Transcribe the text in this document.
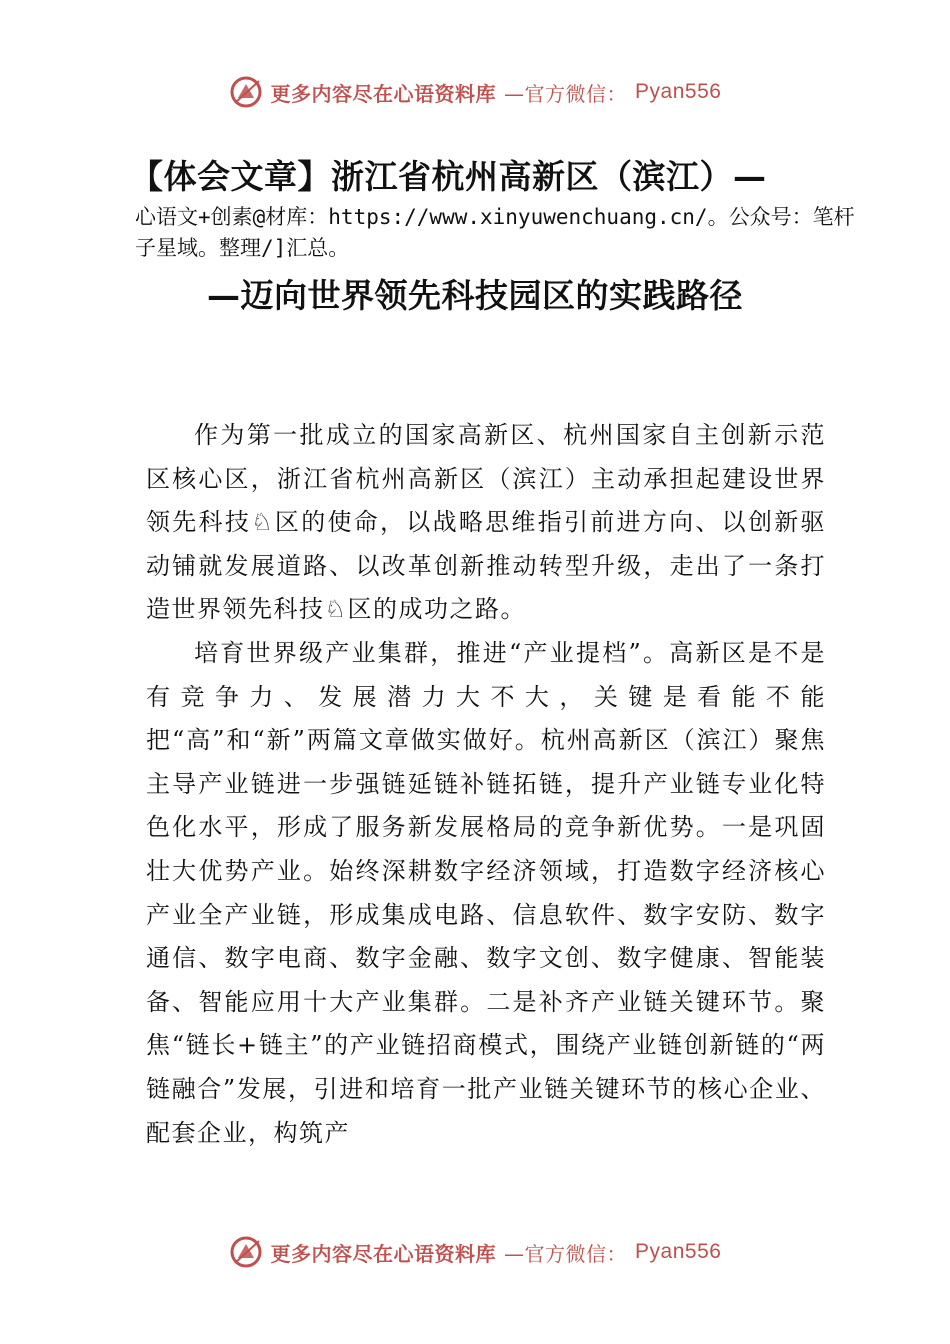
更多内容尽在心语资料库 —官方微信： Pyan556
【体会文章】浙江省杭州高新区（滨江）—
心语文+创素@材库：https://www.xinyuwenchuang.cn/。公众号：笔杆子星域。整理/]汇总。
—迈向世界领先科技园区的实践路径

作为第一批成立的国家高新区、杭州国家自主创新示范区核心区，浙江省杭州高新区（滨江）主动承担起建设世界领先科技♘区的使命，以战略思维指引前进方向、以创新驱动铺就发展道路、以改革创新推动转型升级，走出了一条打造世界领先科技♘区的成功之路。

培育世界级产业集群，推进“产业提档”。高新区是不是有竞争力、发展潜力大不大，关键是看能不能把“高”和“新”两篇文章做实做好。杭州高新区（滨江）聚焦主导产业链进一步强链延链补链拓链，提升产业链专业化特色化水平，形成了服务新发展格局的竞争新优势。一是巩固壮大优势产业。始终深耕数字经济领域，打造数字经济核心产业全产业链，形成集成电路、信息软件、数字安防、数字通信、数字电商、数字金融、数字文创、数字健康、智能装备、智能应用十大产业集群。二是补齐产业链关键环节。聚焦“链长+链主”的产业链招商模式，围绕产业链创新链的“两链融合”发展，引进和培育一批产业链关键环节的核心企业、配套企业，构筑产

更多内容尽在心语资料库 —官方微信： Pyan556
